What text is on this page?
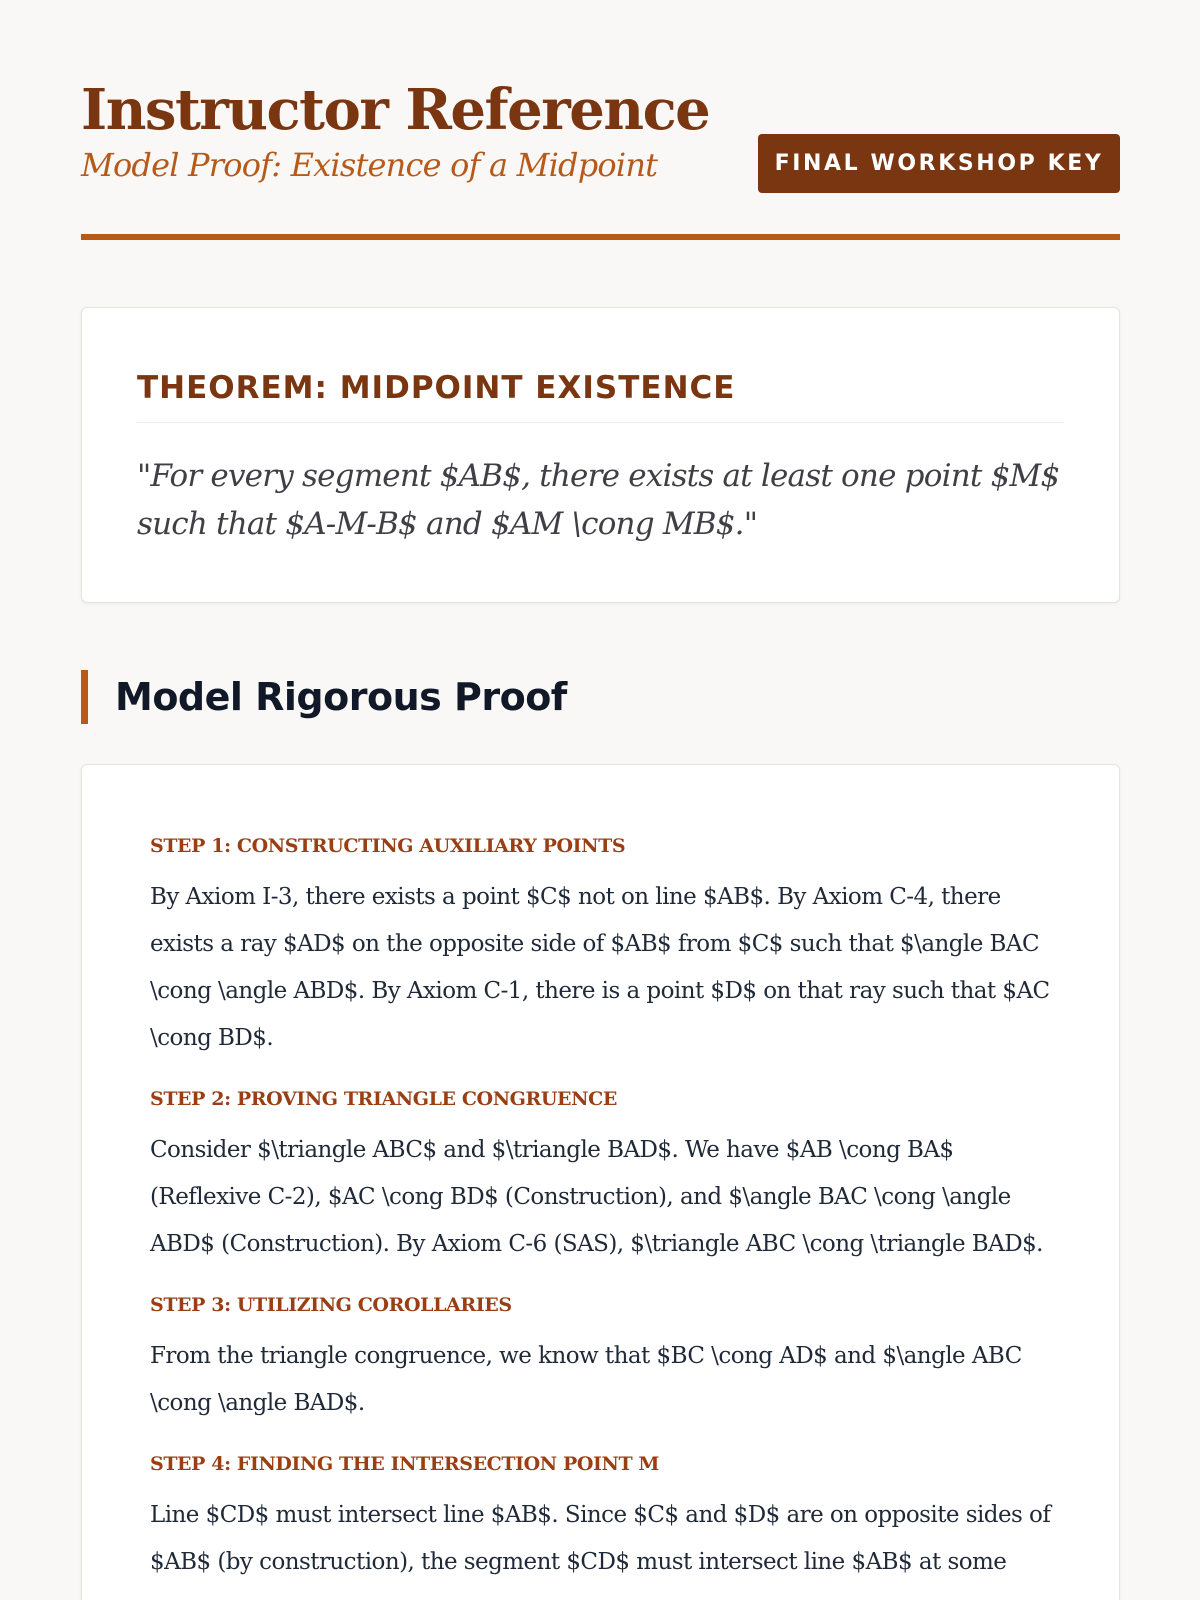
Instructor Reference
Model Proof: Existence of a Midpoint	FINAL WORKSHOP KEY
THEOREM: MIDPOINT EXISTENCE

"For every segment $AB$, there exists at least one point $M$ such that $A-M-B$ and $AM \cong MB$."

Model Rigorous Proof
STEP 1: CONSTRUCTING AUXILIARY POINTS

By Axiom I-3, there exists a point $C$ not on line $AB$. By Axiom C-4, there exists a ray $AD$ on the opposite side of $AB$ from $C$ such that $\angle BAC \cong \angle ABD$. By Axiom C-1, there is a point $D$ on that ray such that $AC \cong BD$.

STEP 2: PROVING TRIANGLE CONGRUENCE

Consider $\triangle ABC$ and $\triangle BAD$. We have $AB \cong BA$ (Reflexive C-2), $AC \cong BD$ (Construction), and $\angle BAC \cong \angle ABD$ (Construction). By Axiom C-6 (SAS), $\triangle ABC \cong \triangle BAD$.

STEP 3: UTILIZING COROLLARIES

From the triangle congruence, we know that $BC \cong AD$ and $\angle ABC \cong \angle BAD$.

STEP 4: FINDING THE INTERSECTION POINT M

Line $CD$ must intersect line $AB$. Since $C$ and $D$ are on opposite sides of $AB$ (by construction), the segment $CD$ must intersect line $AB$ at some
